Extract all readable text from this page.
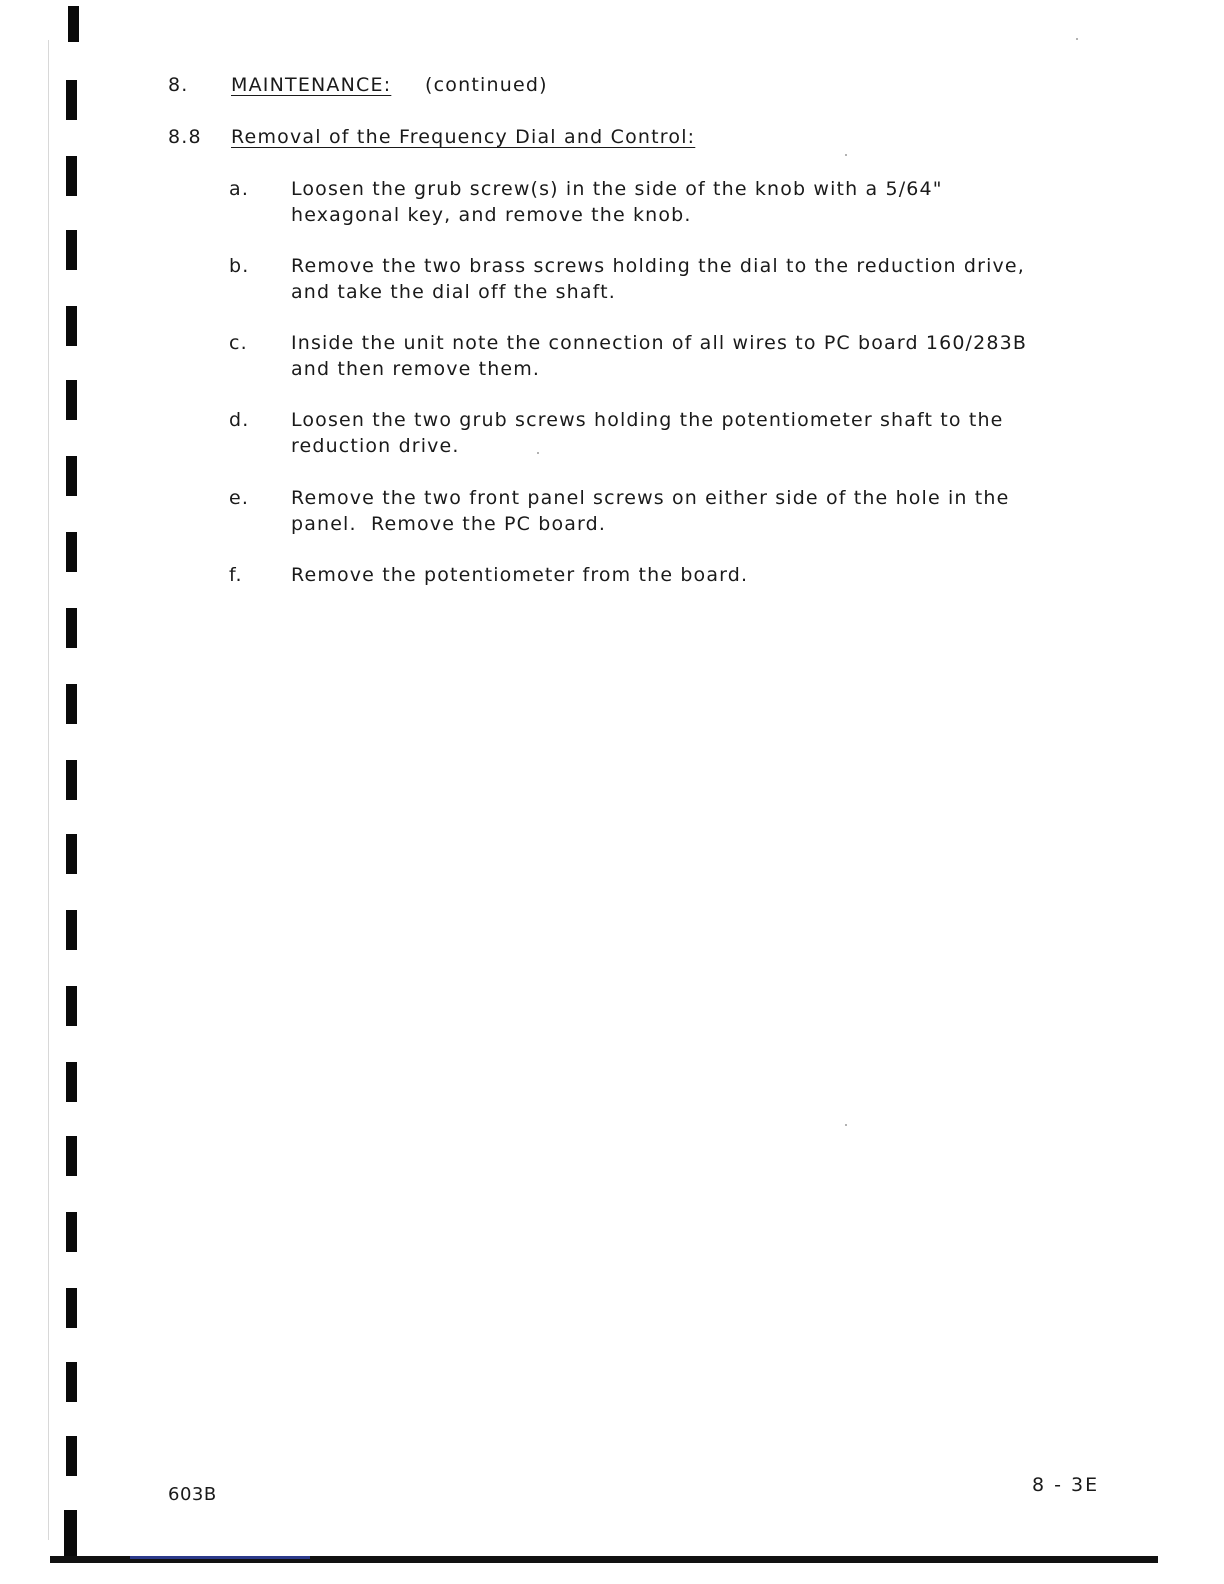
8. MAINTENANCE: (continued)
8.8 Removal of the Frequency Dial and Control:
a. Loosen the grub screw(s) in the side of the knob with a 5/64"
hexagonal key, and remove the knob.
b. Remove the two brass screws holding the dial to the reduction drive,
and take the dial off the shaft.
c. Inside the unit note the connection of all wires to PC board 160/283B
and then remove them.
d. Loosen the two grub screws holding the potentiometer shaft to the
reduction drive.
e. Remove the two front panel screws on either side of the hole in the
panel.  Remove the PC board.
f.	Remove the potentiometer from the board.
603B	8 - 3E
